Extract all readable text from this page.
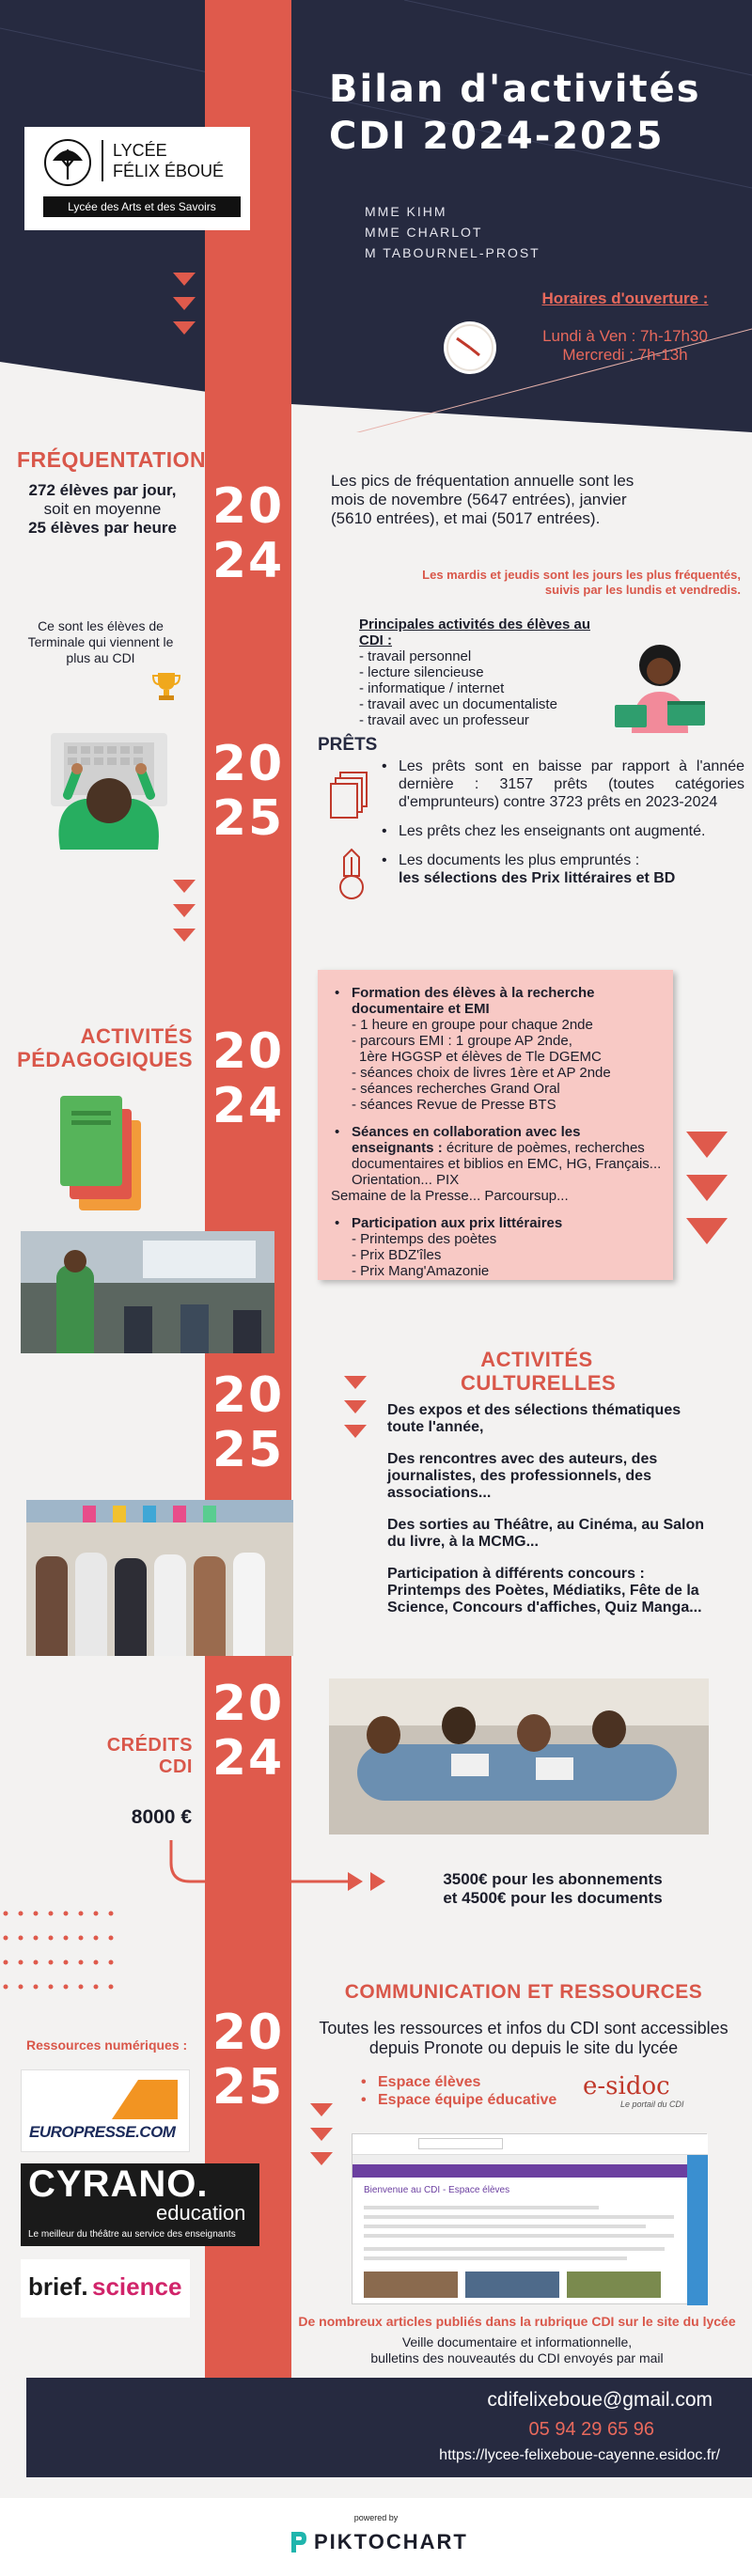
Bilan d'activités
CDI 2024-2025
MME KIHM
MME CHARLOT
M TABOURNEL-PROST
LYCÉE
FÉLIX ÉBOUÉ
Lycée des Arts et des Savoirs
Horaires d'ouverture :
Lundi à Ven : 7h-17h30
Mercredi : 7h-13h
20
24
FRÉQUENTATION
272 élèves par jour,
soit en moyenne
25 élèves par heure
Les pics de fréquentation annuelle sont les mois de novembre (5647 entrées), janvier (5610 entrées), et mai (5017 entrées).
Les mardis et jeudis sont les jours les plus fréquentés, suivis par les lundis et vendredis.
Ce sont les élèves de Terminale qui viennent le plus au CDI
Principales activités des élèves au CDI :
- travail personnel
- lecture silencieuse
- informatique / internet
- travail avec un documentaliste
- travail avec un professeur
20
25
PRÊTS
• Les prêts sont en baisse par rapport à l'année dernière : 3157 prêts (toutes catégories d'emprunteurs) contre 3723 prêts en 2023-2024
• Les prêts chez les enseignants ont augmenté.
• Les documents les plus empruntés :
les sélections des Prix littéraires et BD
20
24
ACTIVITÉS
PÉDAGOGIQUES
• Formation des élèves à la recherche documentaire et EMI
- 1 heure en groupe pour chaque 2nde
- parcours EMI : 1 groupe AP 2nde,
1ère HGGSP et élèves de Tle DGEMC
- séances choix de livres 1ère et AP 2nde
- séances recherches Grand Oral
- séances Revue de Presse BTS
• Séances en collaboration avec les enseignants : écriture de poèmes, recherches documentaires et biblios en EMC, HG, Français...
Orientation... PIX
Semaine de la Presse... Parcoursup...
• Participation aux prix littéraires
- Printemps des poètes
- Prix BDZ'îles
- Prix Mang'Amazonie
20
25
ACTIVITÉS
CULTURELLES
Des expos et des sélections thématiques toute l'année,
Des rencontres avec des auteurs, des journalistes, des professionnels, des associations...
Des sorties au Théâtre, au Cinéma, au Salon du livre, à la MCMG...
Participation à différents concours : Printemps des Poètes, Médiatiks, Fête de la Science, Concours d'affiches, Quiz Manga...
20
24
CRÉDITS
CDI
8000 €
3500€ pour les abonnements
et 4500€ pour les documents
20
25
COMMUNICATION ET RESSOURCES
Toutes les ressources et infos du CDI sont accessibles depuis Pronote ou depuis le site du lycée
• Espace élèves
• Espace équipe éducative e-sidoc
Le portail du CDI
Ressources numériques :
EUROPRESSE.COM
CYRANO.
education
Le meilleur du théâtre au service des enseignants
brief. science
Bienvenue au CDI - Espace élèves
De nombreux articles publiés dans la rubrique CDI sur le site du lycée
Veille documentaire et informationnelle,
bulletins des nouveautés du CDI envoyés par mail
cdifelixeboue@gmail.com
05 94 29 65 96
https://lycee-felixeboue-cayenne.esidoc.fr/
powered by
PIKTOCHART
